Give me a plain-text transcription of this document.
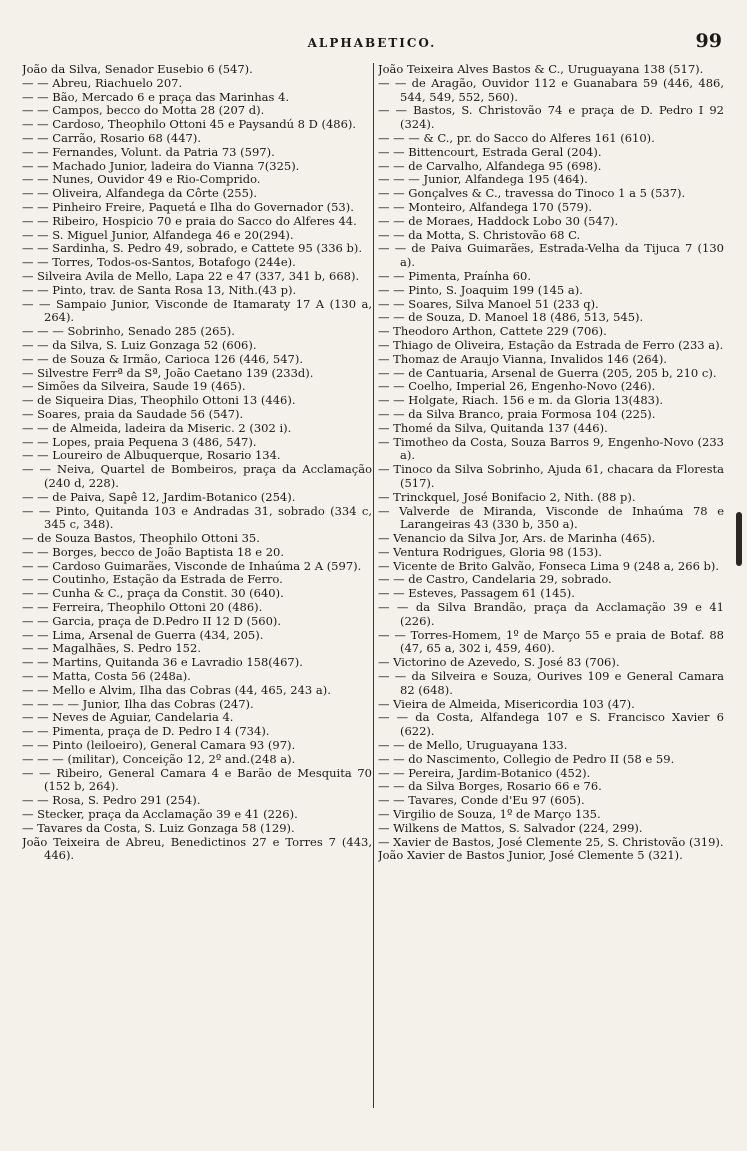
ALPHABETICO.	99
João da Silva, Senador Eusebio 6 (547).
— — Abreu, Riachuelo 207.
— — Bão, Mercado 6 e praça das Marinhas 4.
— — Campos, becco do Motta 28 (207 d).
— — Cardoso, Theophilo Ottoni 45 e Paysandú 8 D (486).
— — Carrão, Rosario 68 (447).
— — Fernandes, Volunt. da Patria 73 (597).
— — Machado Junior, ladeira do Vianna 7(325).
— — Nunes, Ouvidor 49 e Rio-Comprido.
— — Oliveira, Alfandega da Côrte (255).
— — Pinheiro Freire, Paquetá e Ilha do Governador (53).
— — Ribeiro, Hospicio 70 e praia do Sacco do Alferes 44.
— — S. Miguel Junior, Alfandega 46 e 20(294).
— — Sardinha, S. Pedro 49, sobrado, e Cattete 95 (336 b).
— — Torres, Todos-os-Santos, Botafogo (244e).
— Silveira Avila de Mello, Lapa 22 e 47 (337, 341 b, 668).
— — Pinto, trav. de Santa Rosa 13, Nith.(43 p).
— — Sampaio Junior, Visconde de Itamaraty 17 A (130 a, 264).
— — — Sobrinho, Senado 285 (265).
— — da Silva, S. Luiz Gonzaga 52 (606).
— — de Souza & Irmão, Carioca 126 (446, 547).
— Silvestre Ferrª da Sª, João Caetano 139 (233d).
— Simões da Silveira, Saude 19 (465).
— de Siqueira Dias, Theophilo Ottoni 13 (446).
— Soares, praia da Saudade 56 (547).
— — de Almeida, ladeira da Miseric. 2 (302 i).
— — Lopes, praia Pequena 3 (486, 547).
— — Loureiro de Albuquerque, Rosario 134.
— — Neiva, Quartel de Bombeiros, praça da Acclamação (240 d, 228).
— — de Paiva, Sapê 12, Jardim-Botanico (254).
— — Pinto, Quitanda 103 e Andradas 31, sobrado (334 c, 345 c, 348).
— de Souza Bastos, Theophilo Ottoni 35.
— — Borges, becco de João Baptista 18 e 20.
— — Cardoso Guimarães, Visconde de Inhaúma 2 A (597).
— — Coutinho, Estação da Estrada de Ferro.
— — Cunha & C., praça da Constit. 30 (640).
— — Ferreira, Theophilo Ottoni 20 (486).
— — Garcia, praça de D.Pedro II 12 D (560).
— — Lima, Arsenal de Guerra (434, 205).
— — Magalhães, S. Pedro 152.
— — Martins, Quitanda 36 e Lavradio 158(467).
— — Matta, Costa 56 (248a).
— — Mello e Alvim, Ilha das Cobras (44, 465, 243 a).
— — — — Junior, Ilha das Cobras (247).
— — Neves de Aguiar, Candelaria 4.
— — Pimenta, praça de D. Pedro I 4 (734).
— — Pinto (leiloeiro), General Camara 93 (97).
— — — (militar), Conceição 12, 2º and.(248 a).
— — Ribeiro, General Camara 4 e Barão de Mesquita 70 (152 b, 264).
— — Rosa, S. Pedro 291 (254).
— Stecker, praça da Acclamação 39 e 41 (226).
— Tavares da Costa, S. Luiz Gonzaga 58 (129).
João Teixeira de Abreu, Benedictinos 27 e Torres 7 (443, 446).
João Teixeira Alves Bastos & C., Uruguayana 138 (517).
— — de Aragão, Ouvidor 112 e Guanabara 59 (446, 486, 544, 549, 552, 560).
— — Bastos, S. Christovão 74 e praça de D. Pedro I 92 (324).
— — — & C., pr. do Sacco do Alferes 161 (610).
— — Bittencourt, Estrada Geral (204).
— — de Carvalho, Alfandega 95 (698).
— — — Junior, Alfandega 195 (464).
— — Gonçalves & C., travessa do Tinoco 1 a 5 (537).
— — Monteiro, Alfandega 170 (579).
— — de Moraes, Haddock Lobo 30 (547).
— — da Motta, S. Christovão 68 C.
— — de Paiva Guimarães, Estrada-Velha da Tijuca 7 (130 a).
— — Pimenta, Praínha 60.
— — Pinto, S. Joaquim 199 (145 a).
— — Soares, Silva Manoel 51 (233 q).
— — de Souza, D. Manoel 18 (486, 513, 545).
— Theodoro Arthon, Cattete 229 (706).
— Thiago de Oliveira, Estação da Estrada de Ferro (233 a).
— Thomaz de Araujo Vianna, Invalidos 146 (264).
— — de Cantuaria, Arsenal de Guerra (205, 205 b, 210 c).
— — Coelho, Imperial 26, Engenho-Novo (246).
— — Holgate, Riach. 156 e m. da Gloria 13(483).
— — da Silva Branco, praia Formosa 104 (225).
— Thomé da Silva, Quitanda 137 (446).
— Timotheo da Costa, Souza Barros 9, Engenho-Novo (233 a).
— Tinoco da Silva Sobrinho, Ajuda 61, chacara da Floresta (517).
— Trinckquel, José Bonifacio 2, Nith. (88 p).
— Valverde de Miranda, Visconde de Inhaúma 78 e Larangeiras 43 (330 b, 350 a).
— Venancio da Silva Jor, Ars. de Marinha (465).
— Ventura Rodrigues, Gloria 98 (153).
— Vicente de Brito Galvão, Fonseca Lima 9 (248 a, 266 b).
— — de Castro, Candelaria 29, sobrado.
— — Esteves, Passagem 61 (145).
— — da Silva Brandão, praça da Acclamação 39 e 41 (226).
— — Torres-Homem, 1º de Março 55 e praia de Botaf. 88 (47, 65 a, 302 i, 459, 460).
— Victorino de Azevedo, S. José 83 (706).
— — da Silveira e Souza, Ourives 109 e General Camara 82 (648).
— Vieira de Almeida, Misericordia 103 (47).
— — da Costa, Alfandega 107 e S. Francisco Xavier 6 (622).
— — de Mello, Uruguayana 133.
— — do Nascimento, Collegio de Pedro II (58 e 59.
— — Pereira, Jardim-Botanico (452).
— — da Silva Borges, Rosario 66 e 76.
— — Tavares, Conde d'Eu 97 (605).
— Virgilio de Souza, 1º de Março 135.
— Wilkens de Mattos, S. Salvador (224, 299).
— Xavier de Bastos, José Clemente 25, S. Christovão (319).
João Xavier de Bastos Junior, José Clemente 5 (321).
